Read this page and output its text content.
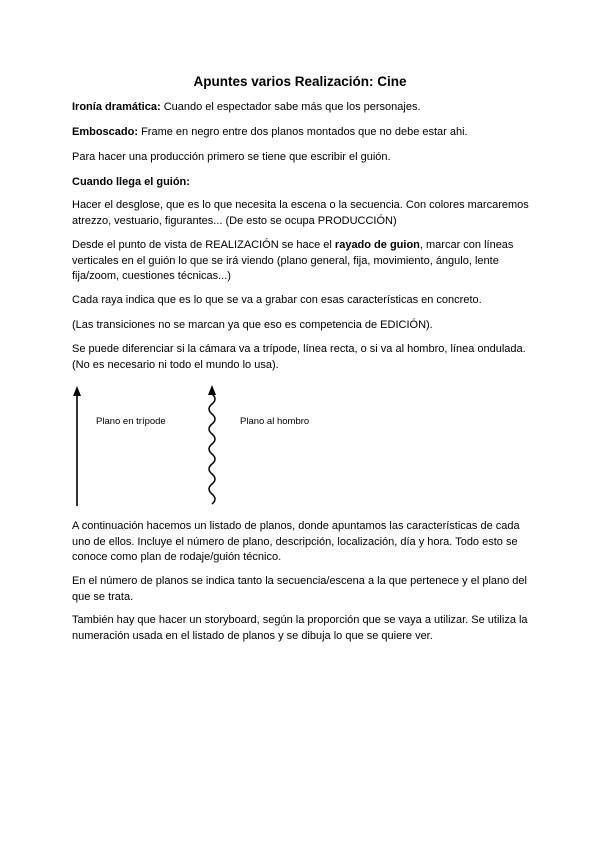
Apuntes varios Realización: Cine
Ironía dramática: Cuando el espectador sabe más que los personajes.
Emboscado: Frame en negro entre dos planos montados que no debe estar ahi.
Para hacer una producción primero se tiene que escribir el guión.
Cuando llega el guión:
Hacer el desglose, que es lo que necesita la escena o la secuencia. Con colores marcaremos atrezzo, vestuario, figurantes... (De esto se ocupa PRODUCCIÓN)
Desde el punto de vista de REALIZACIÓN se hace el rayado de guion, marcar con líneas verticales en el guión lo que se irá viendo (plano general, fija, movimiento, ángulo, lente fija/zoom, cuestiones técnicas...)
Cada raya indica que es lo que se va a grabar con esas características en concreto.
(Las transiciones no se marcan ya que eso es competencia de EDICIÓN).
Se puede diferenciar si la cámara va a trípode, línea recta, o si va al hombro, línea ondulada. (No es necesario ni todo el mundo lo usa).
Plano en trípode	Plano al hombro
A continuación hacemos un listado de planos, donde apuntamos las características de cada uno de ellos. Incluye el número de plano, descripción, localización, día y hora. Todo esto se conoce como plan de rodaje/guión técnico.
En el número de planos se indica tanto la secuencia/escena a la que pertenece y el plano del que se trata.
También hay que hacer un storyboard, según la proporción que se vaya a utilizar. Se utiliza la numeración usada en el listado de planos y se dibuja lo que se quiere ver.
